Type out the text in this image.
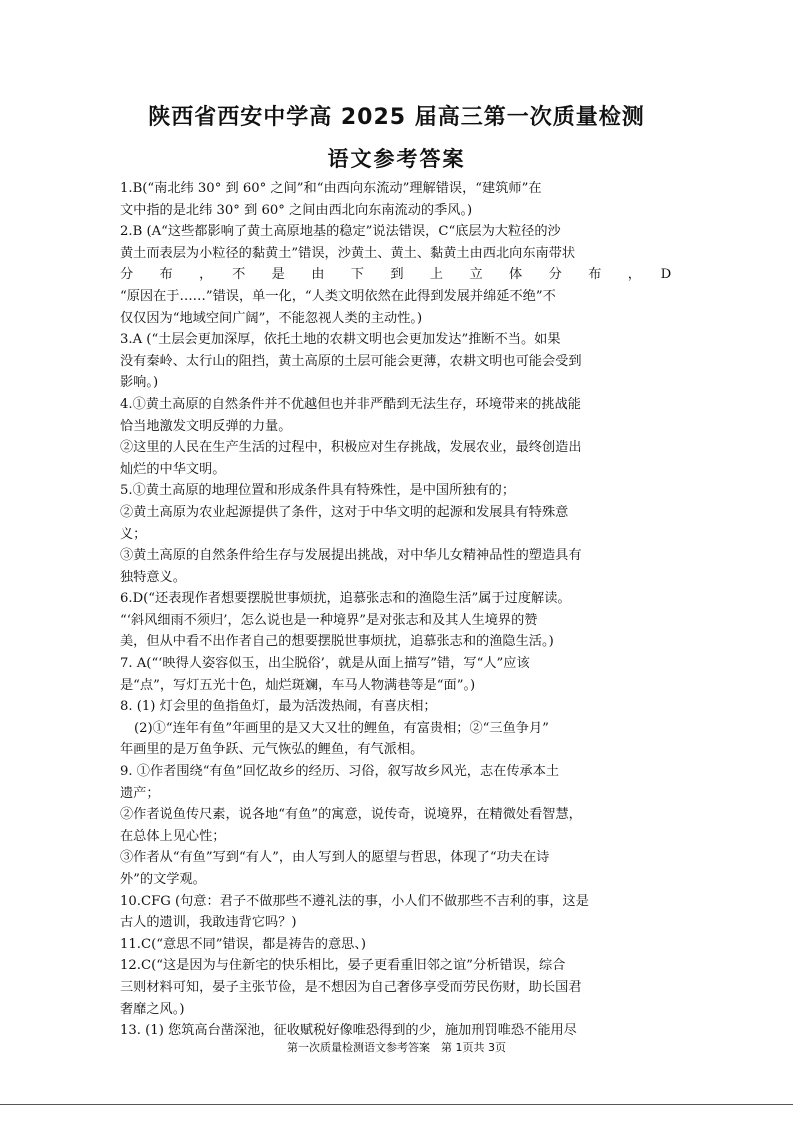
陕西省西安中学高 2025 届高三第一次质量检测
语文参考答案

1.B(“南北纬 30° 到 60° 之间”和“由西向东流动”理解错误，“建筑师”在

文中指的是北纬 30° 到 60° 之间由西北向东南流动的季风。)

2.B (A“这些都影响了黄土高原地基的稳定”说法错误，C“底层为大粒径的沙

黄土而表层为小粒径的黏黄土”错误，沙黄土、黄土、黏黄土由西北向东南带状

分　　布　　，　　不　　是　　由　　下　　到　　上　　立　　体　　分　　布　　，　　D

“原因在于……”错误，单一化，“人类文明依然在此得到发展并绵延不绝”不

仅仅因为“地域空间广阔”，不能忽视人类的主动性。)

3.A (“土层会更加深厚，依托土地的农耕文明也会更加发达”推断不当。如果

没有秦岭、太行山的阻挡，黄土高原的土层可能会更薄，农耕文明也可能会受到

影响。)

4.①黄土高原的自然条件并不优越但也并非严酷到无法生存，环境带来的挑战能

恰当地激发文明反弹的力量。

②这里的人民在生产生活的过程中，积极应对生存挑战，发展农业，最终创造出

灿烂的中华文明。

5.①黄土高原的地理位置和形成条件具有特殊性，是中国所独有的；

②黄土高原为农业起源提供了条件，这对于中华文明的起源和发展具有特殊意

义；

③黄土高原的自然条件给生存与发展提出挑战，对中华儿女精神品性的塑造具有

独特意义。

6.D(“还表现作者想要摆脱世事烦扰，追慕张志和的渔隐生活”属于过度解读。

“‘斜风细雨不须归’，怎么说也是一种境界”是对张志和及其人生境界的赞

美，但从中看不出作者自己的想要摆脱世事烦扰，追慕张志和的渔隐生活。)

7. A(“‘映得人姿容似玉，出尘脱俗’，就是从面上描写”错，写“人”应该

是“点”，写灯五光十色，灿烂斑斓，车马人物满巷等是“面”。)

8. (1) 灯会里的鱼指鱼灯，最为活泼热闹，有喜庆相；

(2)①“连年有鱼”年画里的是又大又壮的鲤鱼，有富贵相；②“三鱼争月”

年画里的是万鱼争跃、元气恢弘的鲤鱼，有气派相。

9. ①作者围绕“有鱼”回忆故乡的经历、习俗，叙写故乡风光，志在传承本土

遗产；

②作者说鱼传尺素，说各地“有鱼”的寓意，说传奇，说境界，在精微处看智慧，

在总体上见心性；

③作者从“有鱼”写到“有人”，由人写到人的愿望与哲思，体现了“功夫在诗

外”的文学观。

10.CFG (句意：君子不做那些不遵礼法的事，小人们不做那些不吉利的事，这是

古人的遗训，我敢违背它吗？)

11.C(“意思不同”错误，都是祷告的意思、)

12.C(“这是因为与住新宅的快乐相比，晏子更看重旧邻之谊”分析错误，综合

三则材料可知，晏子主张节俭，是不想因为自己奢侈享受而劳民伤财，助长国君

奢靡之风。)

13. (1) 您筑高台凿深池，征收赋税好像唯恐得到的少，施加刑罚唯恐不能用尽

第一次质量检测语文参考答案　第 1页共 3页
